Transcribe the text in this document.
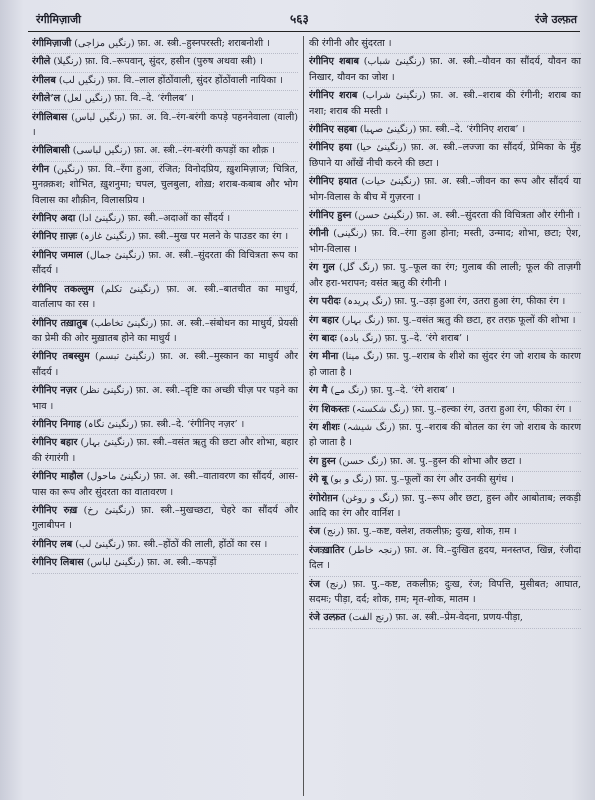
रंगीमिज़ाजी	५६३	रंजे उल्फ़त

रंगीमिज़ाजी (رنگیں مزاجی) फ़ा. अ. स्त्री.–हुस्नपरस्ती; शराबनोशी ।

रंगीले (رنگیلا) फ़ा. वि.–रूपवान्, सुंदर, हसीन (पुरुष अथवा स्त्री) ।

रंगीलब (رنگیں لب) फ़ा. वि.–लाल होंठोंवाली, सुंदर होंठोंवाली नायिका ।

रंगीले’ल (رنگیں لعل) फ़ा. वि.–दे. ‘रंगीलब’ ।

रंगीलिबास (رنگیں لباس) फ़ा. अ. वि.–रंग-बरंगी कपड़े पहननेवाला (वाली) ।

रंगीलिबासी (رنگیں لباسی) फ़ा. अ. स्त्री.–रंग-बरंगी कपड़ों का शौक़ ।

रंगीन (رنگین) फ़ा. वि.–रँगा हुआ, रंजित; विनोदप्रिय, ख़ुशमिज़ाज; चित्रित, मुनक़्क़श; शोभित, ख़ुशनुमा; चपल, चुलबुला, शोख़; शराब-कबाब और भोग विलास का शौक़ीन, विलासप्रिय ।

रंगीनिए अदा (رنگینیٔ ادا) फ़ा. स्त्री.–अदाओं का सौंदर्य ।

रंगीनिए ग़ाज़ः (رنگینیٔ غازہ) फ़ा. स्त्री.–मुख पर मलने के पाउडर का रंग ।

रंगीनिए जमाल (رنگینیٔ جمال) फ़ा. अ. स्त्री.–सुंदरता की विचित्रता रूप का सौंदर्य ।

रंगीनिए तकल्लुम (رنگینیٔ تکلم) फ़ा. अ. स्त्री.–बातचीत का माधुर्य, वार्तालाप का रस ।

रंगीनिए तख़ातुब (رنگینیٔ تخاطب) फ़ा. अ. स्त्री.–संबोधन का माधुर्य, प्रेयसी का प्रेमी की ओर मुख़ातब होने का माधुर्य ।

रंगीनिए तबस्सुम (رنگینیٔ تبسم) फ़ा. अ. स्त्री.–मुस्कान का माधुर्य और सौंदर्य ।

रंगीनिए नज़र (رنگینیٔ نظر) फ़ा. अ. स्त्री.–दृष्टि का अच्छी चीज़ पर पड़ने का भाव ।

रंगीनिए निगाह (رنگینیٔ نگاہ) फ़ा. स्त्री.–दे. ‘रंगीनिए नज़र’ ।

रंगीनिए बहार (رنگینیٔ بہار) फ़ा. स्त्री.–वसंत ऋतु की छटा और शोभा, बहार की रंगारंगी ।

रंगीनिए माहौल (رنگینیٔ ماحول) फ़ा. अ. स्त्री.–वातावरण का सौंदर्य, आस-पास का रूप और सुंदरता का वातावरण ।

रंगीनिए रुख़ (رنگینیٔ رخ) फ़ा. स्त्री.–मुखच्छटा, चेहरे का सौंदर्य और गुलाबीपन ।

रंगीनिए लब (رنگینیٔ لب) फ़ा. स्त्री.–होंठों की लाली, होंठों का रस ।

रंगीनिए लिबास (رنگینیٔ لباس) फ़ा. अ. स्त्री.–कपड़ों

की रंगीनी और सुंदरता ।

रंगीनिए शबाब (رنگینیٔ شباب) फ़ा. अ. स्त्री.–यौवन का सौंदर्य, यौवन का निखार, यौवन का जोश ।

रंगीनिए शराब (رنگینیٔ شراب) फ़ा. अ. स्त्री.–शराब की रंगीनी; शराब का नशा; शराब की मस्ती ।

रंगीनिए सहबा (رنگینیٔ صہبا) फ़ा. स्त्री.–दे. ‘रंगीनिए शराब’ ।

रंगीनिए हया (رنگینیٔ حیا) फ़ा. अ. स्त्री.–लज्जा का सौंदर्य, प्रेमिका के मुँह छिपाने या आँखें नीची करने की छटा ।

रंगीनिए हयात (رنگینیٔ حیات) फ़ा. अ. स्त्री.–जीवन का रूप और सौंदर्य या भोग-विलास के बीच में गुज़रना ।

रंगीनिए हुस्न (رنگینیٔ حسن) फ़ा. अ. स्त्री.–सुंदरता की विचित्रता और रंगीनी ।

रंगीनी (رنگینی) फ़ा. वि.–रंगा हुआ होना; मस्ती, उन्माद; शोभा, छटा; ऐश, भोग-विलास ।

रंग गुल (رنگ گل) फ़ा. पु.–फूल का रंग; गुलाब की लाली; फूल की ताज़गी और हरा-भरापन; वसंत ऋतु की रंगीनी ।

रंग परीदः (رنگ پریدہ) फ़ा. पु.–उड़ा हुआ रंग, उतरा हुआ रंग, फीका रंग ।

रंग बहार (رنگ بہار) फ़ा. पु.–वसंत ऋतु की छटा, हर तरफ़ फूलों की शोभा ।

रंग बादः (رنگ بادہ) फ़ा. पु.–दे. ‘रंगे शराब’ ।

रंग मीना (رنگ مینا) फ़ा. पु.–शराब के शीशे का सुंदर रंग जो शराब के कारण हो जाता है ।

रंग मै (رنگ مے) फ़ा. पु.–दे. ‘रंगे शराब’ ।

रंग शिकस्तः (رنگ شکستہ) फ़ा. पु.–हल्का रंग, उतरा हुआ रंग, फीका रंग ।

रंग शीशः (رنگ شیشہ) फ़ा. पु.–शराब की बोतल का रंग जो शराब के कारण हो जाता है ।

रंग हुस्न (رنگ حسن) फ़ा. अ. पु.–हुस्न की शोभा और छटा ।

रंगे बू (رنگ و بو) फ़ा. पु.–फूलों का रंग और उनकी सुगंध ।

रंगोरोग़न (رنگ و روغن) फ़ा. पु.–रूप और छटा, हुस्न और आबोताब; लकड़ी आदि का रंग और वार्निश ।

रंज (رنج) फ़ा. पु.–कष्ट, क्लेश, तकलीफ़; दुःख, शोक, ग़म ।

रंजःख़ातिर (رنجہ خاطر) फ़ा. अ. वि.–दुःखित हृदय, मनस्तप्त, खिन्न, रंजीदा दिल ।

रंज (رنج) फ़ा. पु.–कष्ट, तकलीफ़; दुःख, रंज; विपत्ति, मुसीबत; आघात, सदमः; पीड़ा, दर्द; शोक, ग़म; मृत-शोक, मातम ।

रंजे उल्फ़त (رنج الفت) फ़ा. अ. स्त्री.–प्रेम-वेदना, प्रणय-पीड़ा,
